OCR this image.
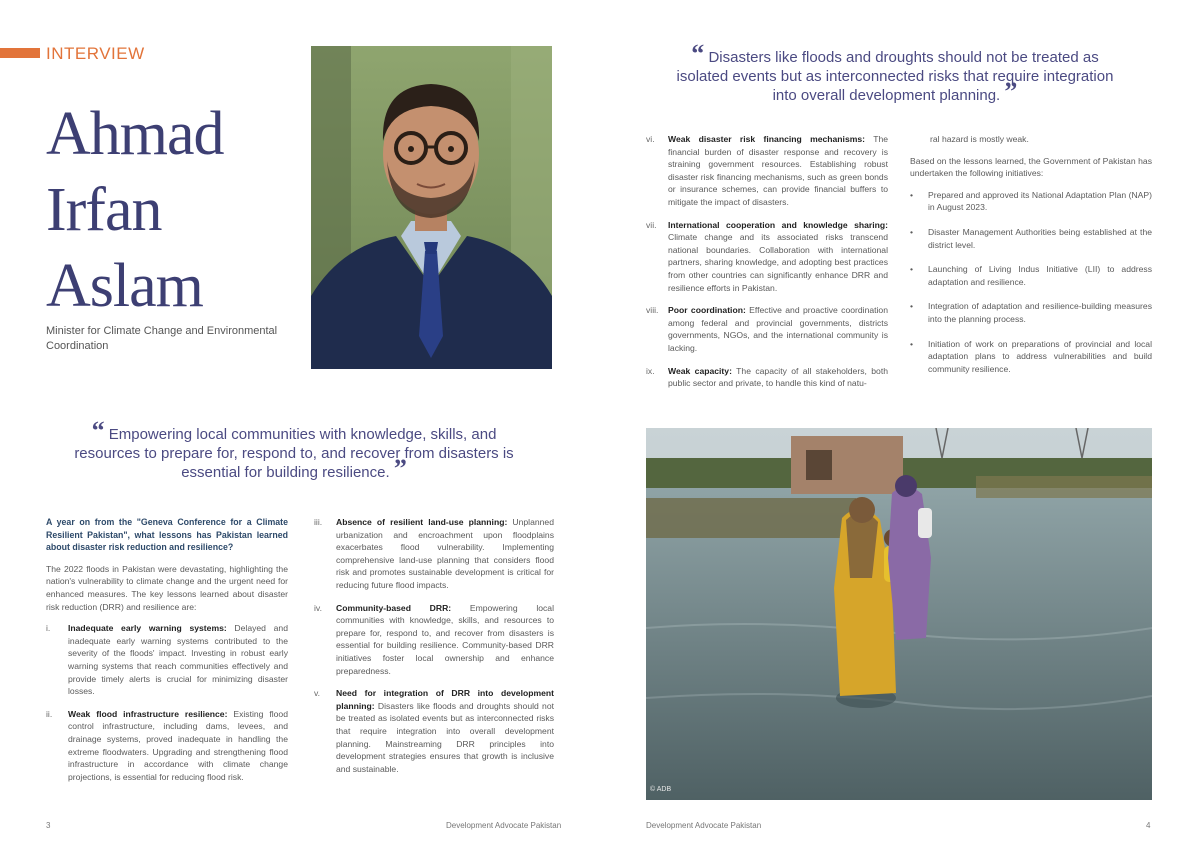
INTERVIEW
Ahmad
Irfan
Aslam
Minister for Climate Change and Environmental Coordination
“ Disasters like floods and droughts should not be treated as isolated events but as interconnected risks that require integration into overall development planning. ”
“ Empowering local communities with knowledge, skills, and resources to prepare for, respond to, and recover from disasters is essential for building resilience. ”

A year on from the "Geneva Conference for a Climate Resilient Pakistan", what lessons has Pakistan learned about disaster risk reduction and resilience?

The 2022 floods in Pakistan were devastating, highlighting the nation's vulnerability to climate change and the urgent need for enhanced measures. The key lessons learned about disaster risk reduction (DRR) and resilience are:

i.	Inadequate early warning systems: Delayed and inadequate early warning systems contributed to the severity of the floods' impact. Investing in robust early warning systems that reach communities effectively and provide timely alerts is crucial for minimizing disaster losses.
ii.	Weak flood infrastructure resilience: Existing flood control infrastructure, including dams, levees, and drainage systems, proved inadequate in handling the extreme floodwaters. Upgrading and strengthening flood infrastructure in accordance with climate change projections, is essential for reducing flood risk.
iii.	Absence of resilient land-use planning: Unplanned urbanization and encroachment upon floodplains exacerbates flood vulnerability. Implementing comprehensive land-use planning that considers flood risk and promotes sustainable development is critical for reducing future flood impacts.
iv.	Community-based DRR: Empowering local communities with knowledge, skills, and resources to prepare for, respond to, and recover from disasters is essential for building resilience. Community-based DRR initiatives foster local ownership and enhance preparedness.
v.	Need for integration of DRR into development planning: Disasters like floods and droughts should not be treated as isolated events but as interconnected risks that require integration into overall development planning. Mainstreaming DRR principles into development strategies ensures that growth is inclusive and sustainable.
vi.	Weak disaster risk financing mechanisms: The financial burden of disaster response and recovery is straining government resources. Establishing robust disaster risk financing mechanisms, such as green bonds or insurance schemes, can provide financial buffers to mitigate the impact of disasters.
vii.	International cooperation and knowledge sharing: Climate change and its associated risks transcend national boundaries. Collaboration with international partners, sharing knowledge, and adopting best practices from other countries can significantly enhance DRR and resilience efforts in Pakistan.
viii.	Poor coordination: Effective and proactive coordination among federal and provincial governments, districts governments, NGOs, and the international community is lacking.
ix.	Weak capacity: The capacity of all stakeholders, both public sector and private, to handle this kind of natu-

ral hazard is mostly weak.

Based on the lessons learned, the Government of Pakistan has undertaken the following initiatives:

•	Prepared and approved its National Adaptation Plan (NAP) in August 2023.
•	Disaster Management Authorities being established at the district level.
•	Launching of Living Indus Initiative (LII) to address adaptation and resilience.
•	Integration of adaptation and resilience-building measures into the planning process.
•	Initiation of work on preparations of provincial and local adaptation plans to address vulnerabilities and build community resilience.
© ADB
3	Development Advocate Pakistan	Development Advocate Pakistan	4
